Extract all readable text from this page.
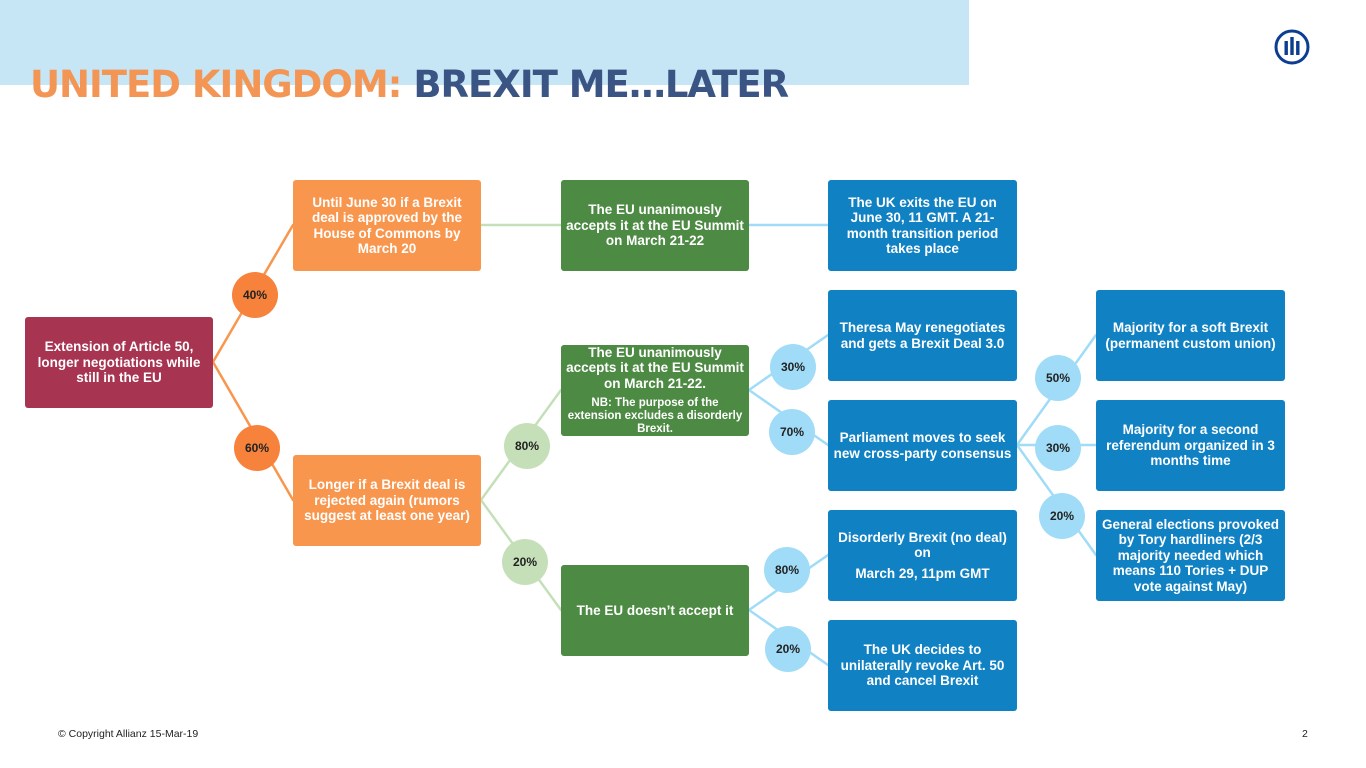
UNITED KINGDOM: BREXIT ME…LATER
Extension of Article 50, longer negotiations while still in the EU
Until June 30 if a Brexit deal is approved by the House of Commons by March 20
Longer if a Brexit deal is rejected again (rumors suggest at least one year)
The EU unanimously accepts it at the EU Summit on March 21-22
The EU unanimously accepts it at the EU Summit on March 21-22.
NB: The purpose of the extension excludes a disorderly Brexit.
The EU doesn’t accept it
The UK exits the EU on June 30, 11 GMT. A 21-month transition period takes place
Theresa May renegotiates and gets a Brexit Deal 3.0
Parliament moves to seek new cross-party consensus
Disorderly Brexit (no deal) on
March 29, 11pm GMT
The UK decides to unilaterally revoke Art. 50 and cancel Brexit
Majority for a soft Brexit (permanent custom union)
Majority for a second referendum organized in 3 months time
General elections provoked by Tory hardliners (2/3 majority needed which means 110 Tories + DUP vote against May)
40%
60%	80%
20%
30%
70%
80%
20%
50%
30%
20%
© Copyright Allianz 15-Mar-19	2
